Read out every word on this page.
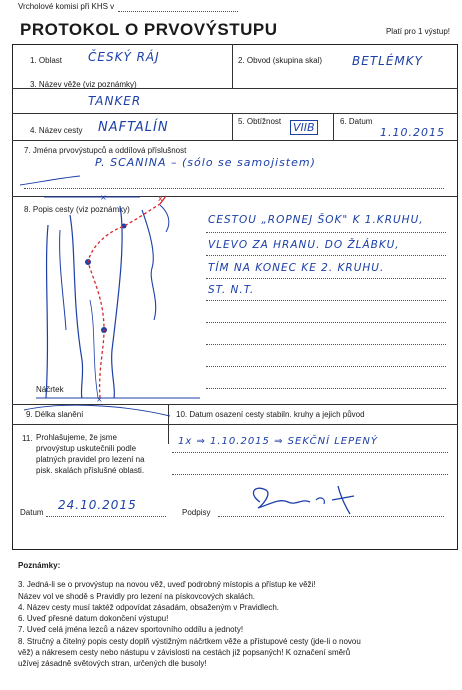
Vrcholové komisi při KHS v
PROTOKOL O PRVOVÝSTUPU	Platí pro 1 výstup!
1. Oblast ČESKÝ RÁJ	2. Obvod (skupina skal) BETLÉMKY
3. Název věže (viz poznámky)
TANKER
4. Název cesty NAFTALÍN	5. Obtížnost VIIB	6. Datum
1.10.2015
7. Jména prvovýstupců a oddílová příslušnost
P. SCANINA – (sólo se samojistem)
8. Popis cesty (viz poznámky)
x
×
×
Náčrtek
CESTOU „ROPNEJ ŠOK" K 1.KRUHU,
VLEVO ZA HRANU. DO ŽLÁBKU,
TÍM NA KONEC KE 2. KRUHU.
ST. N.T.
9. Délka slanění	10. Datum osazení cesty stabiln. kruhy a jejich původ
1x ⇒ 1.10.2015 ⇒ SEKČNÍ LEPENÝ
11. Prohlašujeme, že jsme prvovýstup uskutečnili podle platných pravidel pro lezení na pisk. skalách příslušné oblasti.
Datum
24.10.2015
Podpisy
Poznámky:
3. Jedná-li se o prvovýstup na novou věž, uveď podrobný místopis a přístup ke věži!
Název vol ve shodě s Pravidly pro lezení na pískovcových skalách.
4. Název cesty musí taktéž odpovídat zásadám, obsaženým v Pravidlech.
6. Uveď přesné datum dokončení výstupu!
7. Uveď celá jména lezců a název sportovního oddílu a jednoty!
8. Stručný a čitelný popis cesty doplň výstižným náčrtkem věže a přístupové cesty (jde-li o novou
věž) a nákresem cesty nebo nástupu v závislosti na cestách již popsaných! K označení směrů
užívej zásadně světových stran, určených dle busoly!
